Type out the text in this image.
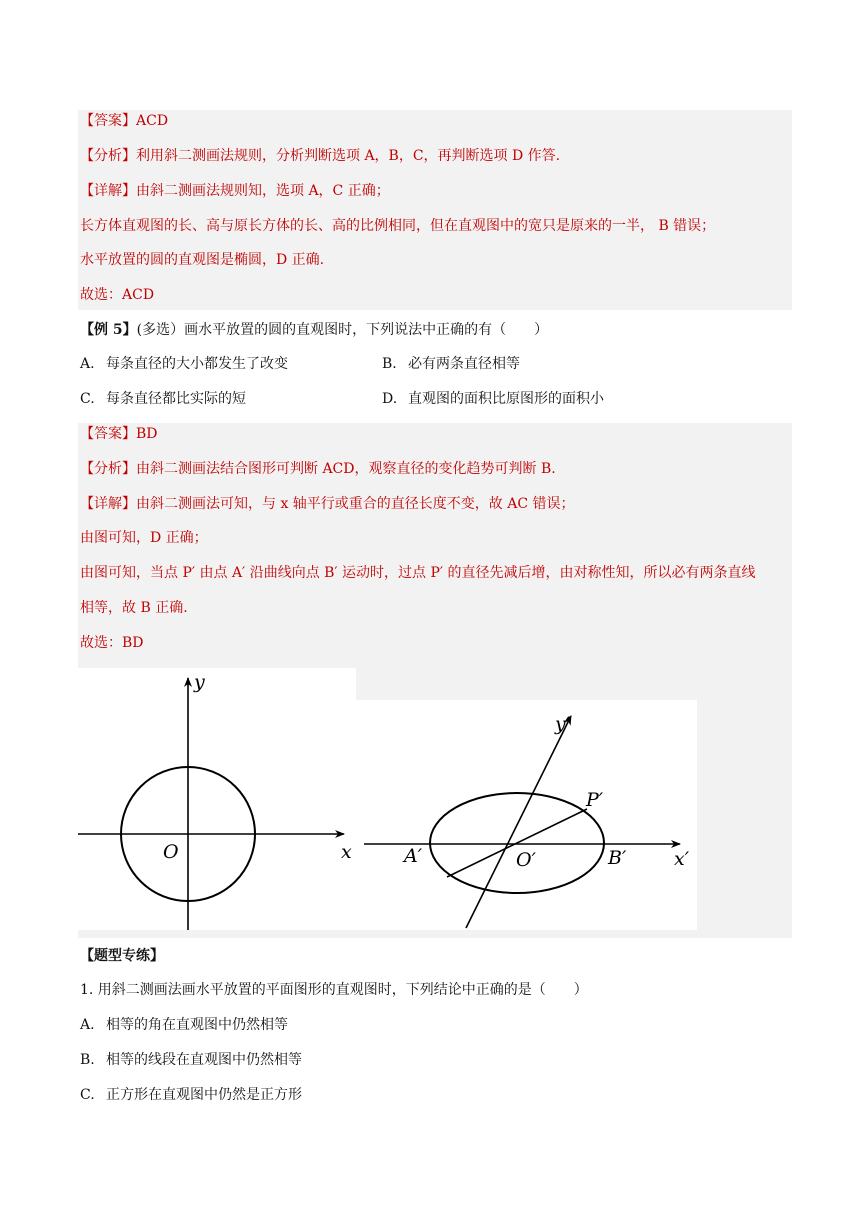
【答案】ACD
【分析】利用斜二测画法规则，分析判断选项 A，B，C，再判断选项 D 作答.
【详解】由斜二测画法规则知，选项 A，C 正确；
长方体直观图的长、高与原长方体的长、高的比例相同，但在直观图中的宽只是原来的一半， B 错误；
水平放置的圆的直观图是椭圆，D 正确.
故选：ACD
【例 5】(多选）画水平放置的圆的直观图时，下列说法中正确的有（　　）
A. 每条直径的大小都发生了改变	B. 必有两条直径相等
C. 每条直径都比实际的短	D. 直观图的面积比原图形的面积小
【答案】BD
【分析】由斜二测画法结合图形可判断 ACD，观察直径的变化趋势可判断 B.
【详解】由斜二测画法可知，与 x 轴平行或重合的直径长度不变，故 AC 错误；
由图可知，D 正确；
由图可知，当点 P′ 由点 A′ 沿曲线向点 B′ 运动时，过点 P′ 的直径先减后增，由对称性知，所以必有两条直线
相等，故 B 正确.
故选：BD
y
x
O
y′
x′
O′
A′	B′
P′
【题型专练】
1. 用斜二测画法画水平放置的平面图形的直观图时，下列结论中正确的是（　　）
A. 相等的角在直观图中仍然相等
B. 相等的线段在直观图中仍然相等
C. 正方形在直观图中仍然是正方形
